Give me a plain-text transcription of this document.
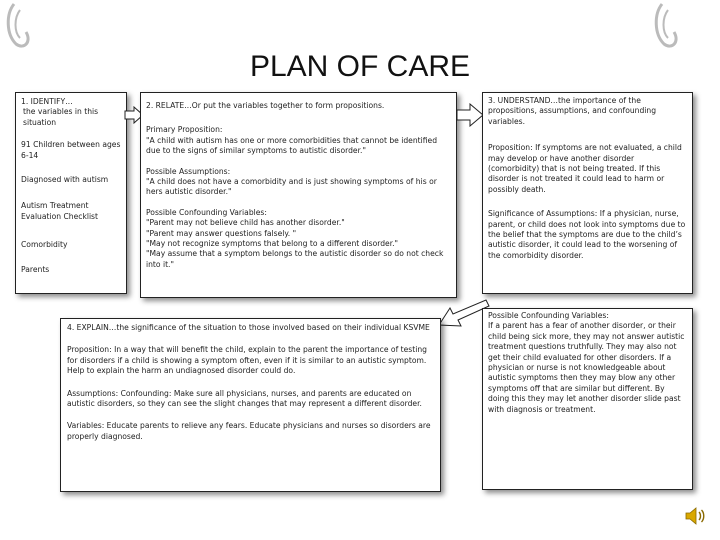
PLAN OF CARE

1. IDENTIFY…

the variables in this situation

91 Children between ages 6-14

Diagnosed with autism

Autism Treatment Evaluation Checklist

Comorbidity

Parents

2. RELATE…Or put the variables together to form propositions.

Primary Proposition:

"A child with autism has one or more comorbidities that cannot be identified due to the signs of similar symptoms to autistic disorder."

Possible Assumptions:

"A child does not have a comorbidity and is just showing symptoms of his or hers autistic disorder."

Possible Confounding Variables:

"Parent may not believe child has another disorder."

"Parent may answer questions falsely. "

"May not recognize symptoms that belong to a different disorder."

"May assume that a symptom belongs to the autistic disorder so do not check into it."

3. UNDERSTAND…the importance of the propositions, assumptions, and confounding variables.

Proposition: If symptoms are not evaluated, a child may develop or have another disorder (comorbidity) that is not being treated. If this disorder is not treated it could lead to harm or possibly death.

Significance of Assumptions: If a physician, nurse, parent, or child does not look into symptoms due to the belief that the symptoms are due to the child’s autistic disorder, it could lead to the worsening of the comorbidity disorder.

4. EXPLAIN…the significance of the situation to those involved based on their individual KSVME

Proposition: In a way that will benefit the child, explain to the parent the importance of testing for disorders if a child is showing a symptom often, even if it is similar to an autistic symptom. Help to explain the harm an undiagnosed disorder could do.

Assumptions: Confounding: Make sure all physicians, nurses, and parents are educated on autistic disorders, so they can see the slight changes that may represent a different disorder.

Variables: Educate parents to relieve any fears. Educate physicians and nurses so disorders are properly diagnosed.

Possible Confounding Variables:

If a parent has a fear of another disorder, or their child being sick more, they may not answer autistic treatment questions truthfully. They may also not get their child evaluated for other disorders. If a physician or nurse is not knowledgeable about autistic symptoms then they may blow any other symptoms off that are similar but different. By doing this they may let another disorder slide past with diagnosis or treatment.
